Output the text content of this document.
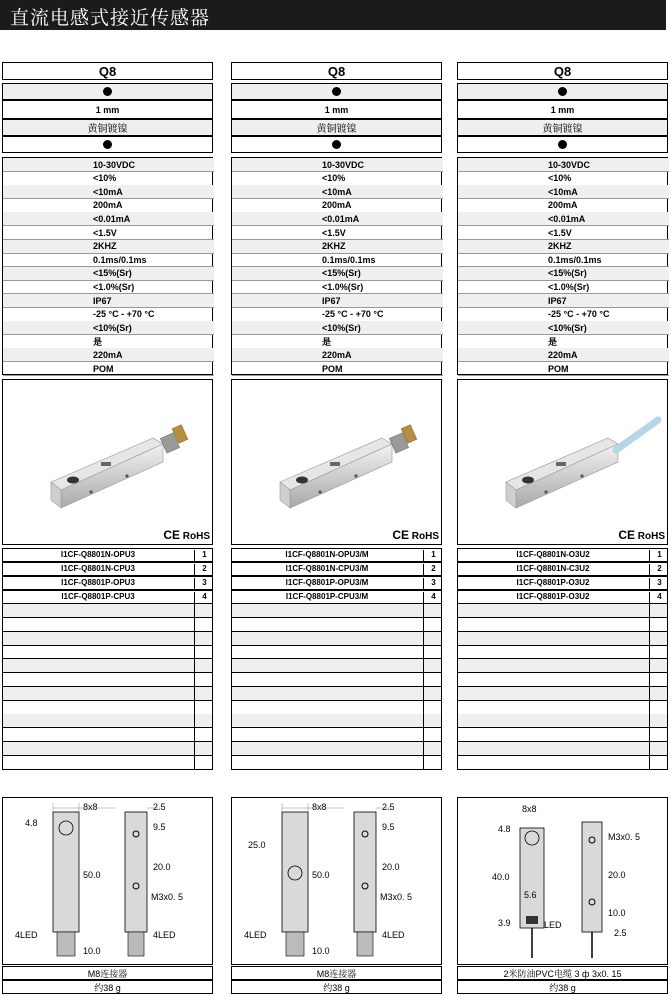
直流电感式接近传感器
Q8
1 mm
黄铜镀镍
10-30VDC
<10%
<10mA
200mA
<0.01mA
<1.5V
2KHZ
0.1ms/0.1ms
<15%(Sr)
<1.0%(Sr)
IP67
-25 °C - +70 °C
<10%(Sr)
是
220mA
POM
CE RoHS
I1CF-Q8801N-OPU3	1
I1CF-Q8801N-CPU3	2
I1CF-Q8801P-OPU3	3
I1CF-Q8801P-CPU3	4
8x8
4.8
50.0
4LED
10.0
2.5
9.5
20.0
M3x0. 5
4LED
M8连接器
约38 g
Q8
1 mm
黄铜镀镍
10-30VDC
<10%
<10mA
200mA
<0.01mA
<1.5V
2KHZ
0.1ms/0.1ms
<15%(Sr)
<1.0%(Sr)
IP67
-25 °C - +70 °C
<10%(Sr)
是
220mA
POM
CE RoHS
I1CF-Q8801N-OPU3/M	1
I1CF-Q8801N-CPU3/M	2
I1CF-Q8801P-OPU3/M	3
I1CF-Q8801P-CPU3/M	4
8x8
25.0
50.0
4LED
10.0
2.5
9.5
20.0
M3x0. 5
4LED
M8连接器
约38 g
Q8
1 mm
黄铜镀镍
10-30VDC
<10%
<10mA
200mA
<0.01mA
<1.5V
2KHZ
0.1ms/0.1ms
<15%(Sr)
<1.0%(Sr)
IP67
-25 °C - +70 °C
<10%(Sr)
是
220mA
POM
CE RoHS
I1CF-Q8801N-O3U2	1
I1CF-Q8801N-C3U2	2
I1CF-Q8801P-O3U2	3
I1CF-Q8801P-O3U2	4
8x8
4.8
40.0
5.6
3.9	LED
M3x0. 5
20.0
10.0
2.5
2米防油PVC电缆 3 ф 3x0. 15
约38 g
